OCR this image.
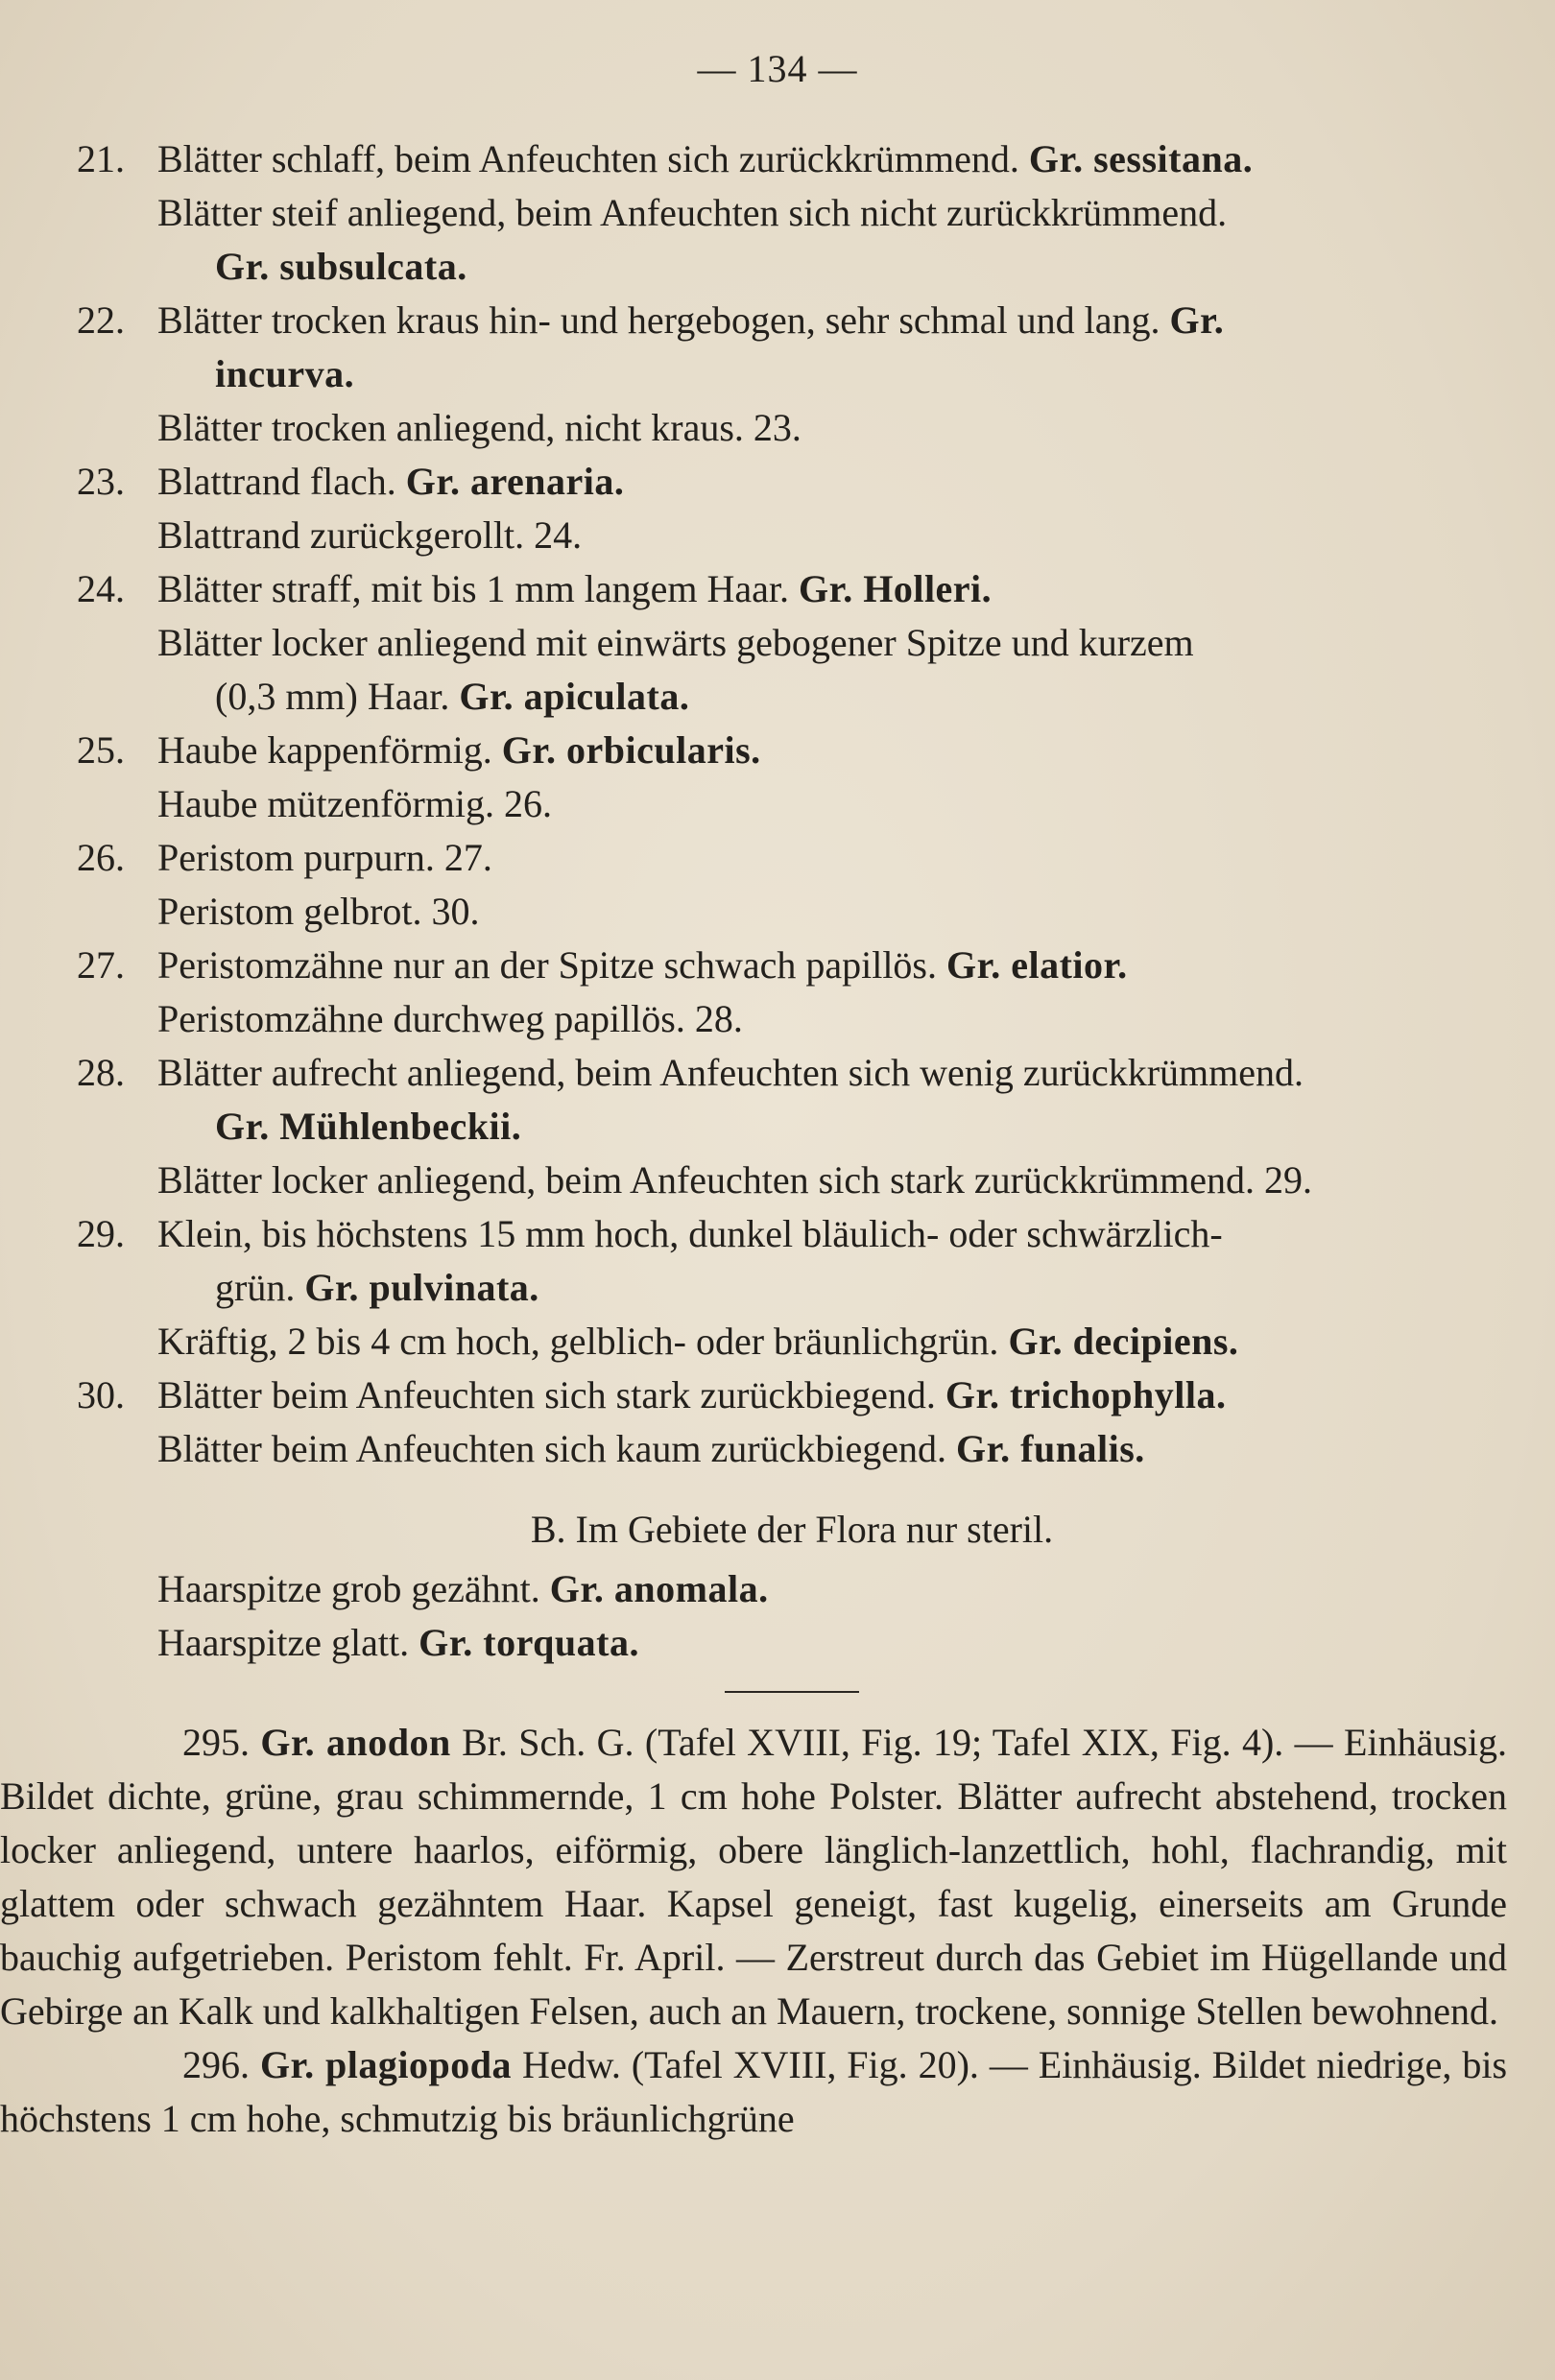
— 134 —
21. Blätter schlaff, beim Anfeuchten sich zurückkrümmend. Gr. sessitana.
Blätter steif anliegend, beim Anfeuchten sich nicht zurückkrümmend.
Gr. subsulcata.
22. Blätter trocken kraus hin- und hergebogen, sehr schmal und lang. Gr.
incurva.
Blätter trocken anliegend, nicht kraus. 23.
23. Blattrand flach. Gr. arenaria.
Blattrand zurückgerollt. 24.
24. Blätter straff, mit bis 1 mm langem Haar. Gr. Holleri.
Blätter locker anliegend mit einwärts gebogener Spitze und kurzem
(0,3 mm) Haar. Gr. apiculata.
25. Haube kappenförmig. Gr. orbicularis.
Haube mützenförmig. 26.
26. Peristom purpurn. 27.
Peristom gelbrot. 30.
27. Peristomzähne nur an der Spitze schwach papillös. Gr. elatior.
Peristomzähne durchweg papillös. 28.
28. Blätter aufrecht anliegend, beim Anfeuchten sich wenig zurückkrümmend.
Gr. Mühlenbeckii.
Blätter locker anliegend, beim Anfeuchten sich stark zurückkrümmend. 29.
29. Klein, bis höchstens 15 mm hoch, dunkel bläulich- oder schwärzlich-
grün. Gr. pulvinata.
Kräftig, 2 bis 4 cm hoch, gelblich- oder bräunlichgrün. Gr. decipiens.
30. Blätter beim Anfeuchten sich stark zurückbiegend. Gr. trichophylla.
Blätter beim Anfeuchten sich kaum zurückbiegend. Gr. funalis.
B. Im Gebiete der Flora nur steril.
Haarspitze grob gezähnt. Gr. anomala.
Haarspitze glatt. Gr. torquata.

295. Gr. anodon Br. Sch. G. (Tafel XVIII, Fig. 19; Tafel XIX, Fig. 4). — Einhäusig. Bildet dichte, grüne, grau schimmernde, 1 cm hohe Polster. Blätter aufrecht abstehend, trocken locker anliegend, untere haarlos, eiförmig, obere länglich-lanzettlich, hohl, flachrandig, mit glattem oder schwach gezähntem Haar. Kapsel geneigt, fast kugelig, einerseits am Grunde bauchig aufgetrieben. Peristom fehlt. Fr. April. — Zerstreut durch das Gebiet im Hügellande und Gebirge an Kalk und kalkhaltigen Felsen, auch an Mauern, trockene, sonnige Stellen bewohnend.

296. Gr. plagiopoda Hedw. (Tafel XVIII, Fig. 20). — Einhäusig. Bildet niedrige, bis höchstens 1 cm hohe, schmutzig bis bräunlichgrüne
